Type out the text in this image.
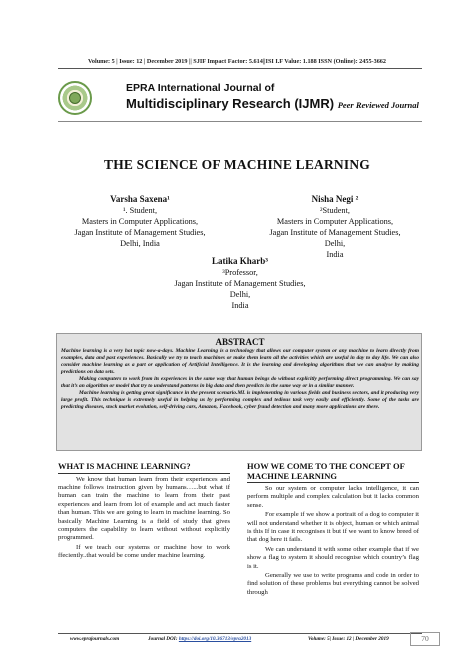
Volume: 5 | Issue: 12 | December 2019 || SJIF Impact Factor: 5.614||ISI I.F Value: 1.188 ISSN (Online): 2455-3662
EPRA International Journal of
Multidisciplinary Research (IJMR) Peer Reviewed Journal
THE SCIENCE OF MACHINE LEARNING
Varsha Saxena¹
¹. Student,
Masters in Computer Applications,
Jagan Institute of Management Studies,
Delhi, India
Nisha Negi ²
²Student,
Masters in Computer Applications,
Jagan Institute of Management Studies,
Delhi,
India
Latika Kharb³
³Professor,
Jagan Institute of Management Studies,
Delhi,
India
ABSTRACT

Machine learning is a very hot topic now-a-days. Machine Learning is a technology that allows our computer system or any machine to learn directly from examples, data and past experiences. Basically we try to teach machines or make them learn all the activities which are useful in day to day life. We can also consider machine learning as a part or application of Artificial Intelligence. It is the learning and developing algorithms that we can analyse by making predictions on data sets.

Making computers to work from its experiences in the same way that human beings do without explicitly performing direct programming. We can say that it’s an algorithm or model that try to understand patterns in big data and then predicts in the same way or in a similar manner.

Machine learning is getting great significance in the present scenario.ML is implementing in various fields and business sectors, and it producing very large profit. This technique is extremely useful in helping us by performing complex and tedious task very easily and efficiently. Some of the tasks are predicting diseases, stock market evolution, self-driving cars, Amazon, Facebook, cyber fraud detection and many more applications are there.

WHAT IS MACHINE LEARNING?

We know that human learn from their experiences and machine follows instruction given by humans…...but what if human can train the machine to learn from their past experiences and learn from lot of example and act much faster than human. This we are going to learn in machine learning. So basically Machine Learning is a field of study that gives computers the capability to learn without without explicitly programmed.

If we teach our systems or machine how to work ffeciently..that would be come under machine learning.

HOW WE COME TO THE CONCEPT OF MACHINE LEARNING

So our system or computer lacks intelligence, it can perform multiple and complex calculation but it lacks common sense.

For example if we show a portrait of a dog to computer it will not understand whether it is object, human or which animal is this If in case it recognises it but if we want to know breed of that dog here it fails.

We can understand it with some other example that if we show a flag to system it should recognise which country’s flag is it.

Generally we use to write programs and code in order to find solution of these problems but everything cannot be solved through

www.eprajournals.com	Journal DOI: https://doi.org/10.36713/epra2013	Volume: 5| Issue: 12 | December 2019	70
